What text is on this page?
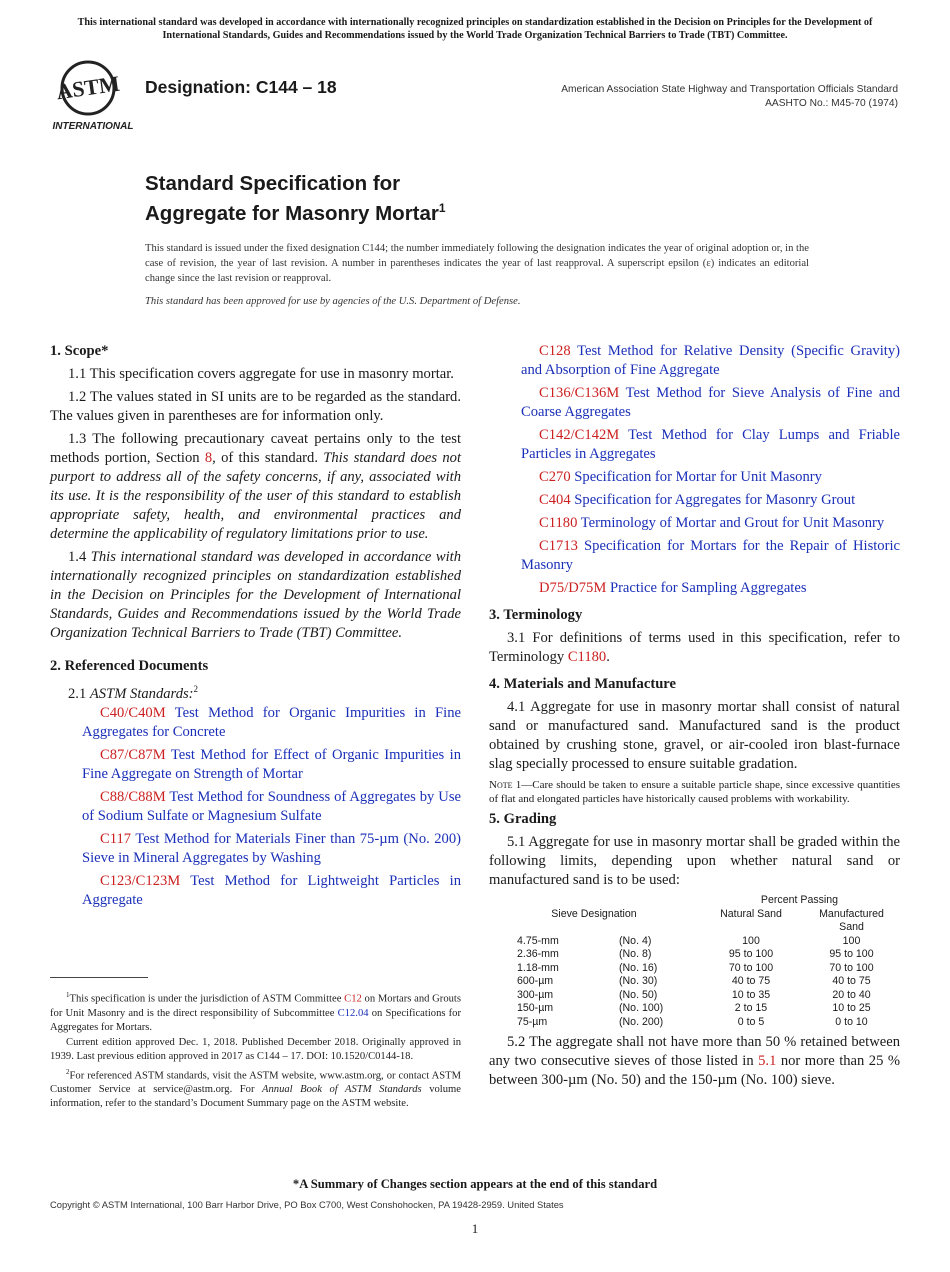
This international standard was developed in accordance with internationally recognized principles on standardization established in the Decision on Principles for the Development of International Standards, Guides and Recommendations issued by the World Trade Organization Technical Barriers to Trade (TBT) Committee.
ASTM
INTERNATIONAL
Designation: C144 – 18	American Association State Highway and Transportation Officials Standard
AASHTO No.: M45-70 (1974)
Standard Specification for
Aggregate for Masonry Mortar$^1$
This standard is issued under the fixed designation C144; the number immediately following the designation indicates the year of original adoption or, in the case of revision, the year of last revision. A number in parentheses indicates the year of last reapproval. A superscript epsilon (ε) indicates an editorial change since the last revision or reapproval.
This standard has been approved for use by agencies of the U.S. Department of Defense.
1. Scope*

1.1 This specification covers aggregate for use in masonry mortar.

1.2 The values stated in SI units are to be regarded as the standard. The values given in parentheses are for information only.

1.3 The following precautionary caveat pertains only to the test methods portion, Section 8, of this standard. This standard does not purport to address all of the safety concerns, if any, associated with its use. It is the responsibility of the user of this standard to establish appropriate safety, health, and environmental practices and determine the applicability of regulatory limitations prior to use.

1.4 This international standard was developed in accordance with internationally recognized principles on standardization established in the Decision on Principles for the Development of International Standards, Guides and Recommendations issued by the World Trade Organization Technical Barriers to Trade (TBT) Committee.

2. Referenced Documents

2.1 ASTM Standards:$^2$

C40/C40M Test Method for Organic Impurities in Fine Aggregates for Concrete

C87/C87M Test Method for Effect of Organic Impurities in Fine Aggregate on Strength of Mortar

C88/C88M Test Method for Soundness of Aggregates by Use of Sodium Sulfate or Magnesium Sulfate

C117 Test Method for Materials Finer than 75-µm (No. 200) Sieve in Mineral Aggregates by Washing

C123/C123M Test Method for Lightweight Particles in Aggregate

$^1$This specification is under the jurisdiction of ASTM Committee C12 on Mortars and Grouts for Unit Masonry and is the direct responsibility of Subcommittee C12.04 on Specifications for Aggregates for Mortars.

Current edition approved Dec. 1, 2018. Published December 2018. Originally approved in 1939. Last previous edition approved in 2017 as C144 – 17. DOI: 10.1520/C0144-18.

$^2$For referenced ASTM standards, visit the ASTM website, www.astm.org, or contact ASTM Customer Service at service@astm.org. For Annual Book of ASTM Standards volume information, refer to the standard’s Document Summary page on the ASTM website.

C128 Test Method for Relative Density (Specific Gravity) and Absorption of Fine Aggregate

C136/C136M Test Method for Sieve Analysis of Fine and Coarse Aggregates

C142/C142M Test Method for Clay Lumps and Friable Particles in Aggregates

C270 Specification for Mortar for Unit Masonry

C404 Specification for Aggregates for Masonry Grout

C1180 Terminology of Mortar and Grout for Unit Masonry

C1713 Specification for Mortars for the Repair of Historic Masonry

D75/D75M Practice for Sampling Aggregates

3. Terminology

3.1 For definitions of terms used in this specification, refer to Terminology C1180.

4. Materials and Manufacture

4.1 Aggregate for use in masonry mortar shall consist of natural sand or manufactured sand. Manufactured sand is the product obtained by crushing stone, gravel, or air-cooled iron blast-furnace slag specially processed to ensure suitable gradation.

Note 1—Care should be taken to ensure a suitable particle shape, since excessive quantities of flat and elongated particles have historically caused problems with workability.

5. Grading

5.1 Aggregate for use in masonry mortar shall be graded within the following limits, depending upon whether natural sand or manufactured sand is to be used:

		Percent Passing	
Sieve Designation		Natural Sand	Manufactured
Sand

4.75-mm	(No. 4)	100	100
2.36-mm	(No. 8)	95 to 100	95 to 100
1.18-mm	(No. 16)	70 to 100	70 to 100
600-µm	(No. 30)	40 to 75	40 to 75
300-µm	(No. 50)	10 to 35	20 to 40
150-µm	(No. 100)	2 to 15	10 to 25
75-µm	(No. 200)	0 to 5	0 to 10

5.2 The aggregate shall not have more than 50 % retained between any two consecutive sieves of those listed in 5.1 nor more than 25 % between 300-µm (No. 50) and the 150-µm (No. 100) sieve.

*A Summary of Changes section appears at the end of this standard
Copyright © ASTM International, 100 Barr Harbor Drive, PO Box C700, West Conshohocken, PA 19428-2959. United States
1
